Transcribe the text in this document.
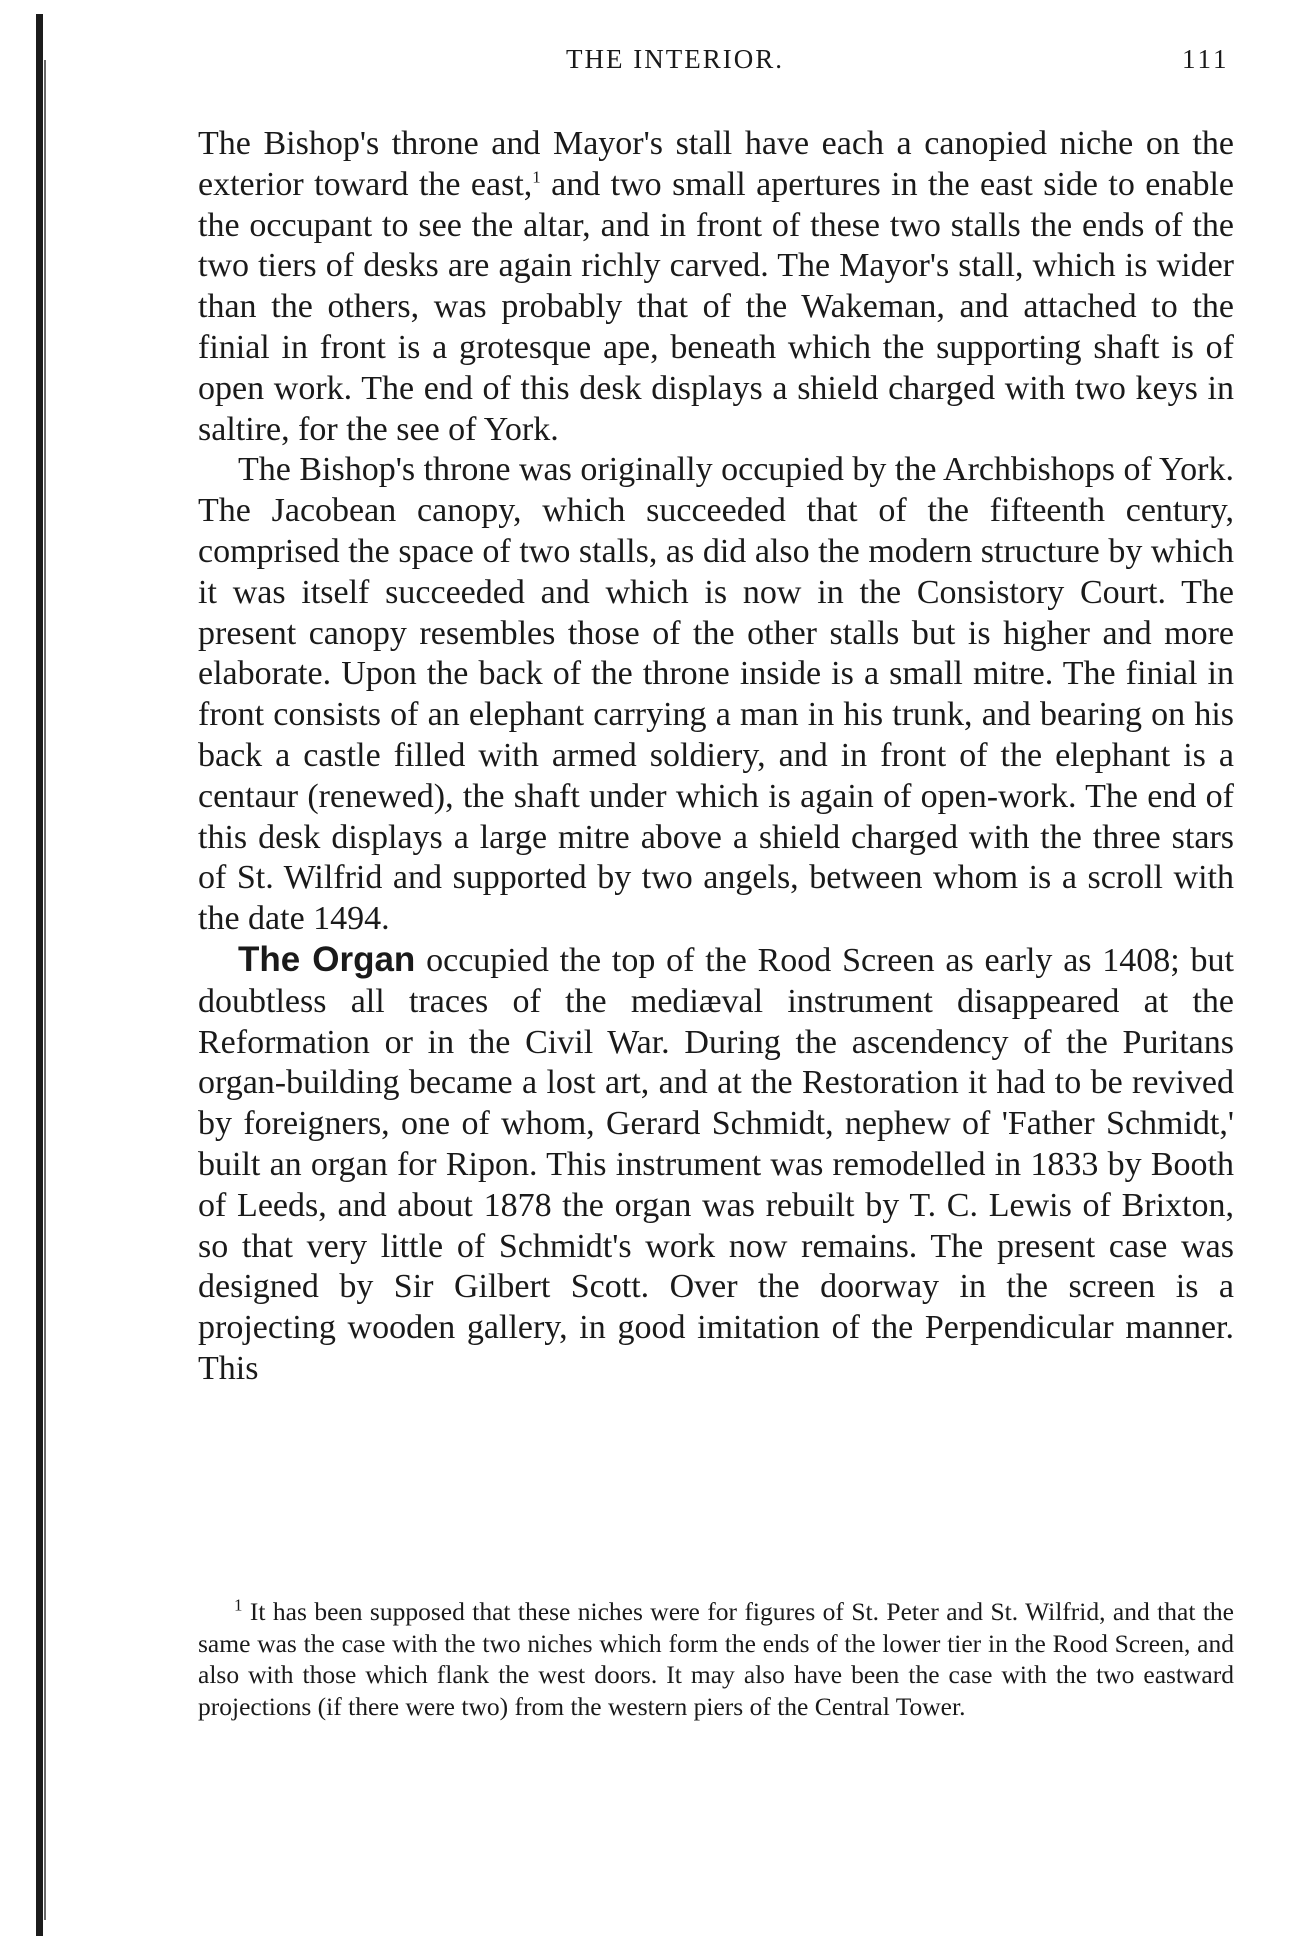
THE INTERIOR.	111

The Bishop's throne and Mayor's stall have each a canopied niche on the exterior toward the east,$^1$ and two small apertures in the east side to enable the occupant to see the altar, and in front of these two stalls the ends of the two tiers of desks are again richly carved. The Mayor's stall, which is wider than the others, was probably that of the Wakeman, and attached to the finial in front is a grotesque ape, beneath which the supporting shaft is of open work. The end of this desk displays a shield charged with two keys in saltire, for the see of York.

The Bishop's throne was originally occupied by the Archbishops of York. The Jacobean canopy, which succeeded that of the fifteenth century, comprised the space of two stalls, as did also the modern structure by which it was itself succeeded and which is now in the Consistory Court. The present canopy resembles those of the other stalls but is higher and more elaborate. Upon the back of the throne inside is a small mitre. The finial in front consists of an elephant carrying a man in his trunk, and bearing on his back a castle filled with armed soldiery, and in front of the elephant is a centaur (renewed), the shaft under which is again of open-work. The end of this desk displays a large mitre above a shield charged with the three stars of St. Wilfrid and supported by two angels, between whom is a scroll with the date 1494.

The Organ occupied the top of the Rood Screen as early as 1408; but doubtless all traces of the mediæval instrument disappeared at the Reformation or in the Civil War. During the ascendency of the Puritans organ-building became a lost art, and at the Restoration it had to be revived by foreigners, one of whom, Gerard Schmidt, nephew of 'Father Schmidt,' built an organ for Ripon. This instrument was remodelled in 1833 by Booth of Leeds, and about 1878 the organ was rebuilt by T. C. Lewis of Brixton, so that very little of Schmidt's work now remains. The present case was designed by Sir Gilbert Scott. Over the doorway in the screen is a projecting wooden gallery, in good imitation of the Perpendicular manner. This

$^1$ It has been supposed that these niches were for figures of St. Peter and St. Wilfrid, and that the same was the case with the two niches which form the ends of the lower tier in the Rood Screen, and also with those which flank the west doors. It may also have been the case with the two eastward projections (if there were two) from the western piers of the Central Tower.
